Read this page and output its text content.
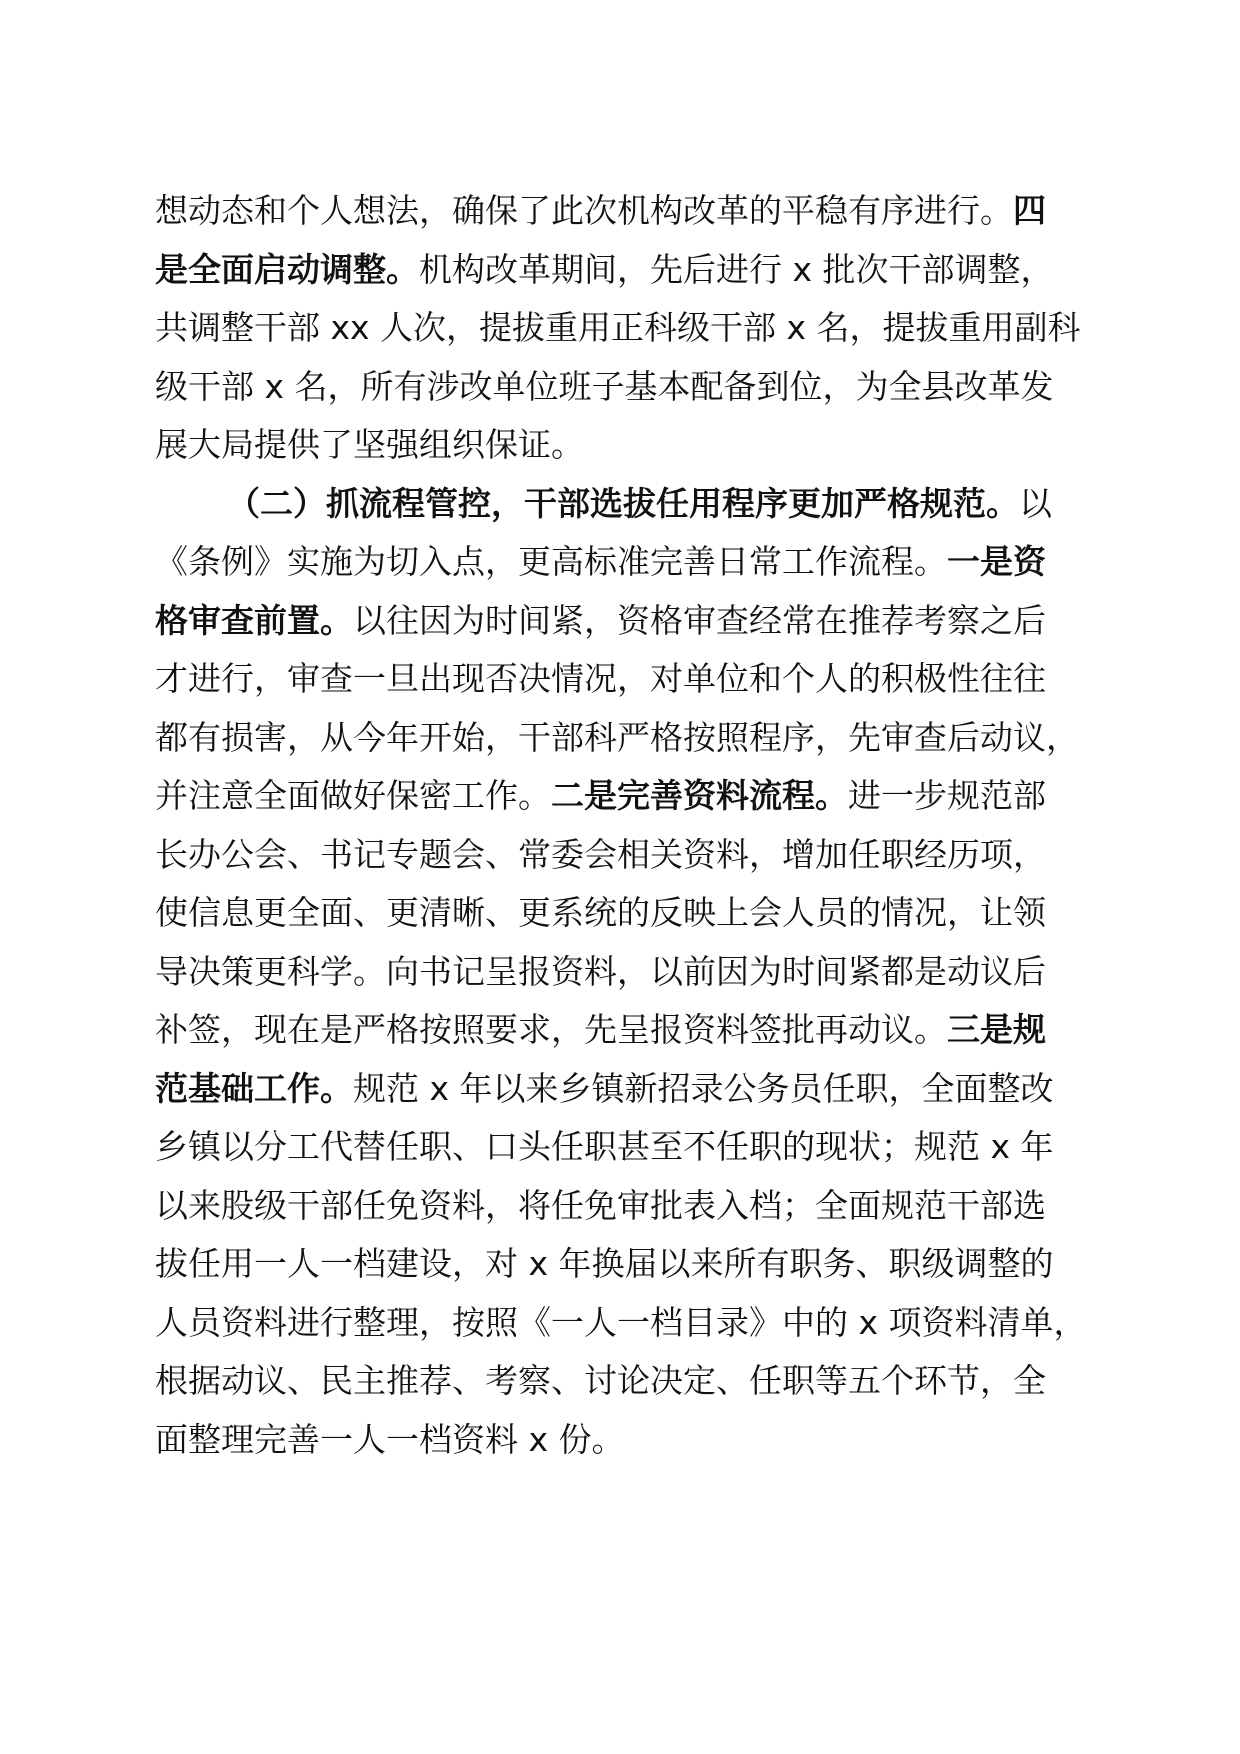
想动态和个人想法，确保了此次机构改革的平稳有序进行。四
是全面启动调整。机构改革期间，先后进行 x 批次干部调整，
共调整干部 xx 人次，提拔重用正科级干部 x 名，提拔重用副科
级干部 x 名，所有涉改单位班子基本配备到位，为全县改革发
展大局提供了坚强组织保证。
（二）抓流程管控，干部选拔任用程序更加严格规范。以
《条例》实施为切入点，更高标准完善日常工作流程。一是资
格审查前置。以往因为时间紧，资格审查经常在推荐考察之后
才进行，审查一旦出现否决情况，对单位和个人的积极性往往
都有损害，从今年开始，干部科严格按照程序，先审查后动议，
并注意全面做好保密工作。二是完善资料流程。进一步规范部
长办公会、书记专题会、常委会相关资料，增加任职经历项，
使信息更全面、更清晰、更系统的反映上会人员的情况，让领
导决策更科学。向书记呈报资料，以前因为时间紧都是动议后
补签，现在是严格按照要求，先呈报资料签批再动议。三是规
范基础工作。规范 x 年以来乡镇新招录公务员任职，全面整改
乡镇以分工代替任职、口头任职甚至不任职的现状；规范 x 年
以来股级干部任免资料，将任免审批表入档；全面规范干部选
拔任用一人一档建设，对 x 年换届以来所有职务、职级调整的
人员资料进行整理，按照《一人一档目录》中的 x 项资料清单，
根据动议、民主推荐、考察、讨论决定、任职等五个环节，全
面整理完善一人一档资料 x 份。
